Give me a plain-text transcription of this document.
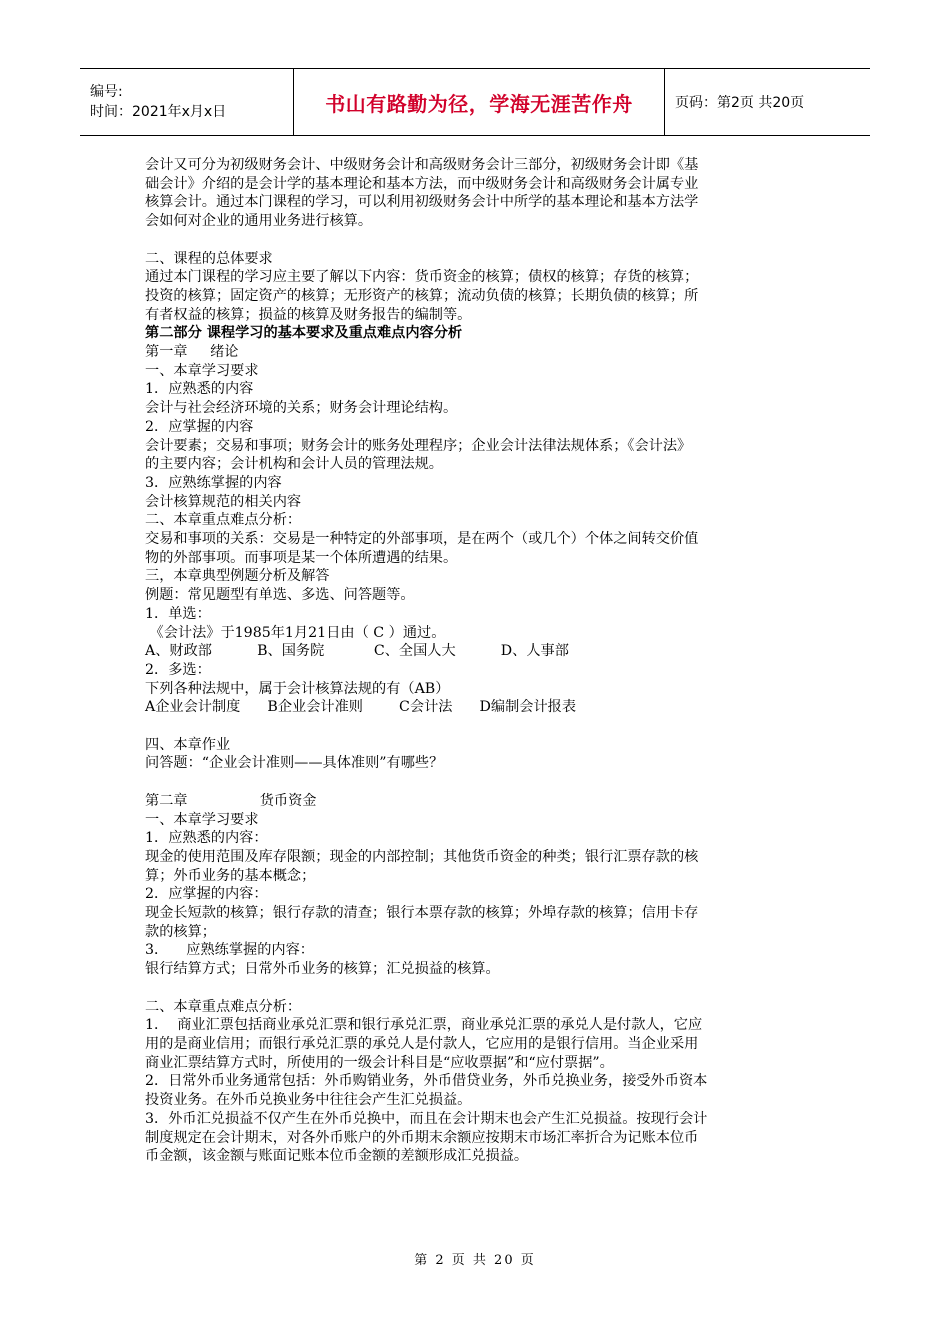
编号:
时间：2021年x月x日	书山有路勤为径，学海无涯苦作舟	页码：第2页 共20页

会计又可分为初级财务会计、中级财务会计和高级财务会计三部分，初级财务会计即《基

础会计》介绍的是会计学的基本理论和基本方法，而中级财务会计和高级财务会计属专业

核算会计。通过本门课程的学习，可以利用初级财务会计中所学的基本理论和基本方法学

会如何对企业的通用业务进行核算。

二、课程的总体要求

通过本门课程的学习应主要了解以下内容：货币资金的核算；债权的核算；存货的核算；

投资的核算；固定资产的核算；无形资产的核算；流动负债的核算；长期负债的核算；所

有者权益的核算；损益的核算及财务报告的编制等。

第二部分 课程学习的基本要求及重点难点内容分析

第一章     绪论

一、本章学习要求

1．应熟悉的内容

会计与社会经济环境的关系；财务会计理论结构。

2．应掌握的内容

会计要素；交易和事项；财务会计的账务处理程序；企业会计法律法规体系；《会计法》

的主要内容；会计机构和会计人员的管理法规。

3．应熟练掌握的内容

会计核算规范的相关内容

二、本章重点难点分析：

交易和事项的关系：交易是一种特定的外部事项，是在两个（或几个）个体之间转交价值

物的外部事项。而事项是某一个体所遭遇的结果。

三，本章典型例题分析及解答

例题：常见题型有单选、多选、问答题等。

1．单选：

《会计法》于1985年1月21日由（ C ）通过。

A、财政部          B、国务院           C、全国人大          D、人事部

2．多选：

下列各种法规中，属于会计核算法规的有（AB）

A企业会计制度      B企业会计准则        C会计法      D编制会计报表

四、本章作业

问答题：“企业会计准则——具体准则”有哪些？

第二章                货币资金

一、本章学习要求

1．应熟悉的内容：

现金的使用范围及库存限额；现金的内部控制；其他货币资金的种类；银行汇票存款的核

算；外币业务的基本概念；

2．应掌握的内容：

现金长短款的核算；银行存款的清查；银行本票存款的核算；外埠存款的核算；信用卡存

款的核算；

3．    应熟练掌握的内容：

银行结算方式；日常外币业务的核算；汇兑损益的核算。

二、本章重点难点分析：

1．  商业汇票包括商业承兑汇票和银行承兑汇票，商业承兑汇票的承兑人是付款人，它应

用的是商业信用；而银行承兑汇票的承兑人是付款人，它应用的是银行信用。当企业采用

商业汇票结算方式时，所使用的一级会计科目是“应收票据”和“应付票据”。

2．日常外币业务通常包括：外币购销业务，外币借贷业务，外币兑换业务，接受外币资本

投资业务。在外币兑换业务中往往会产生汇兑损益。

3．外币汇兑损益不仅产生在外币兑换中，而且在会计期末也会产生汇兑损益。按现行会计

制度规定在会计期末，对各外币账户的外币期末余额应按期末市场汇率折合为记账本位币

币金额，该金额与账面记账本位币金额的差额形成汇兑损益。

第 2 页 共 20 页
